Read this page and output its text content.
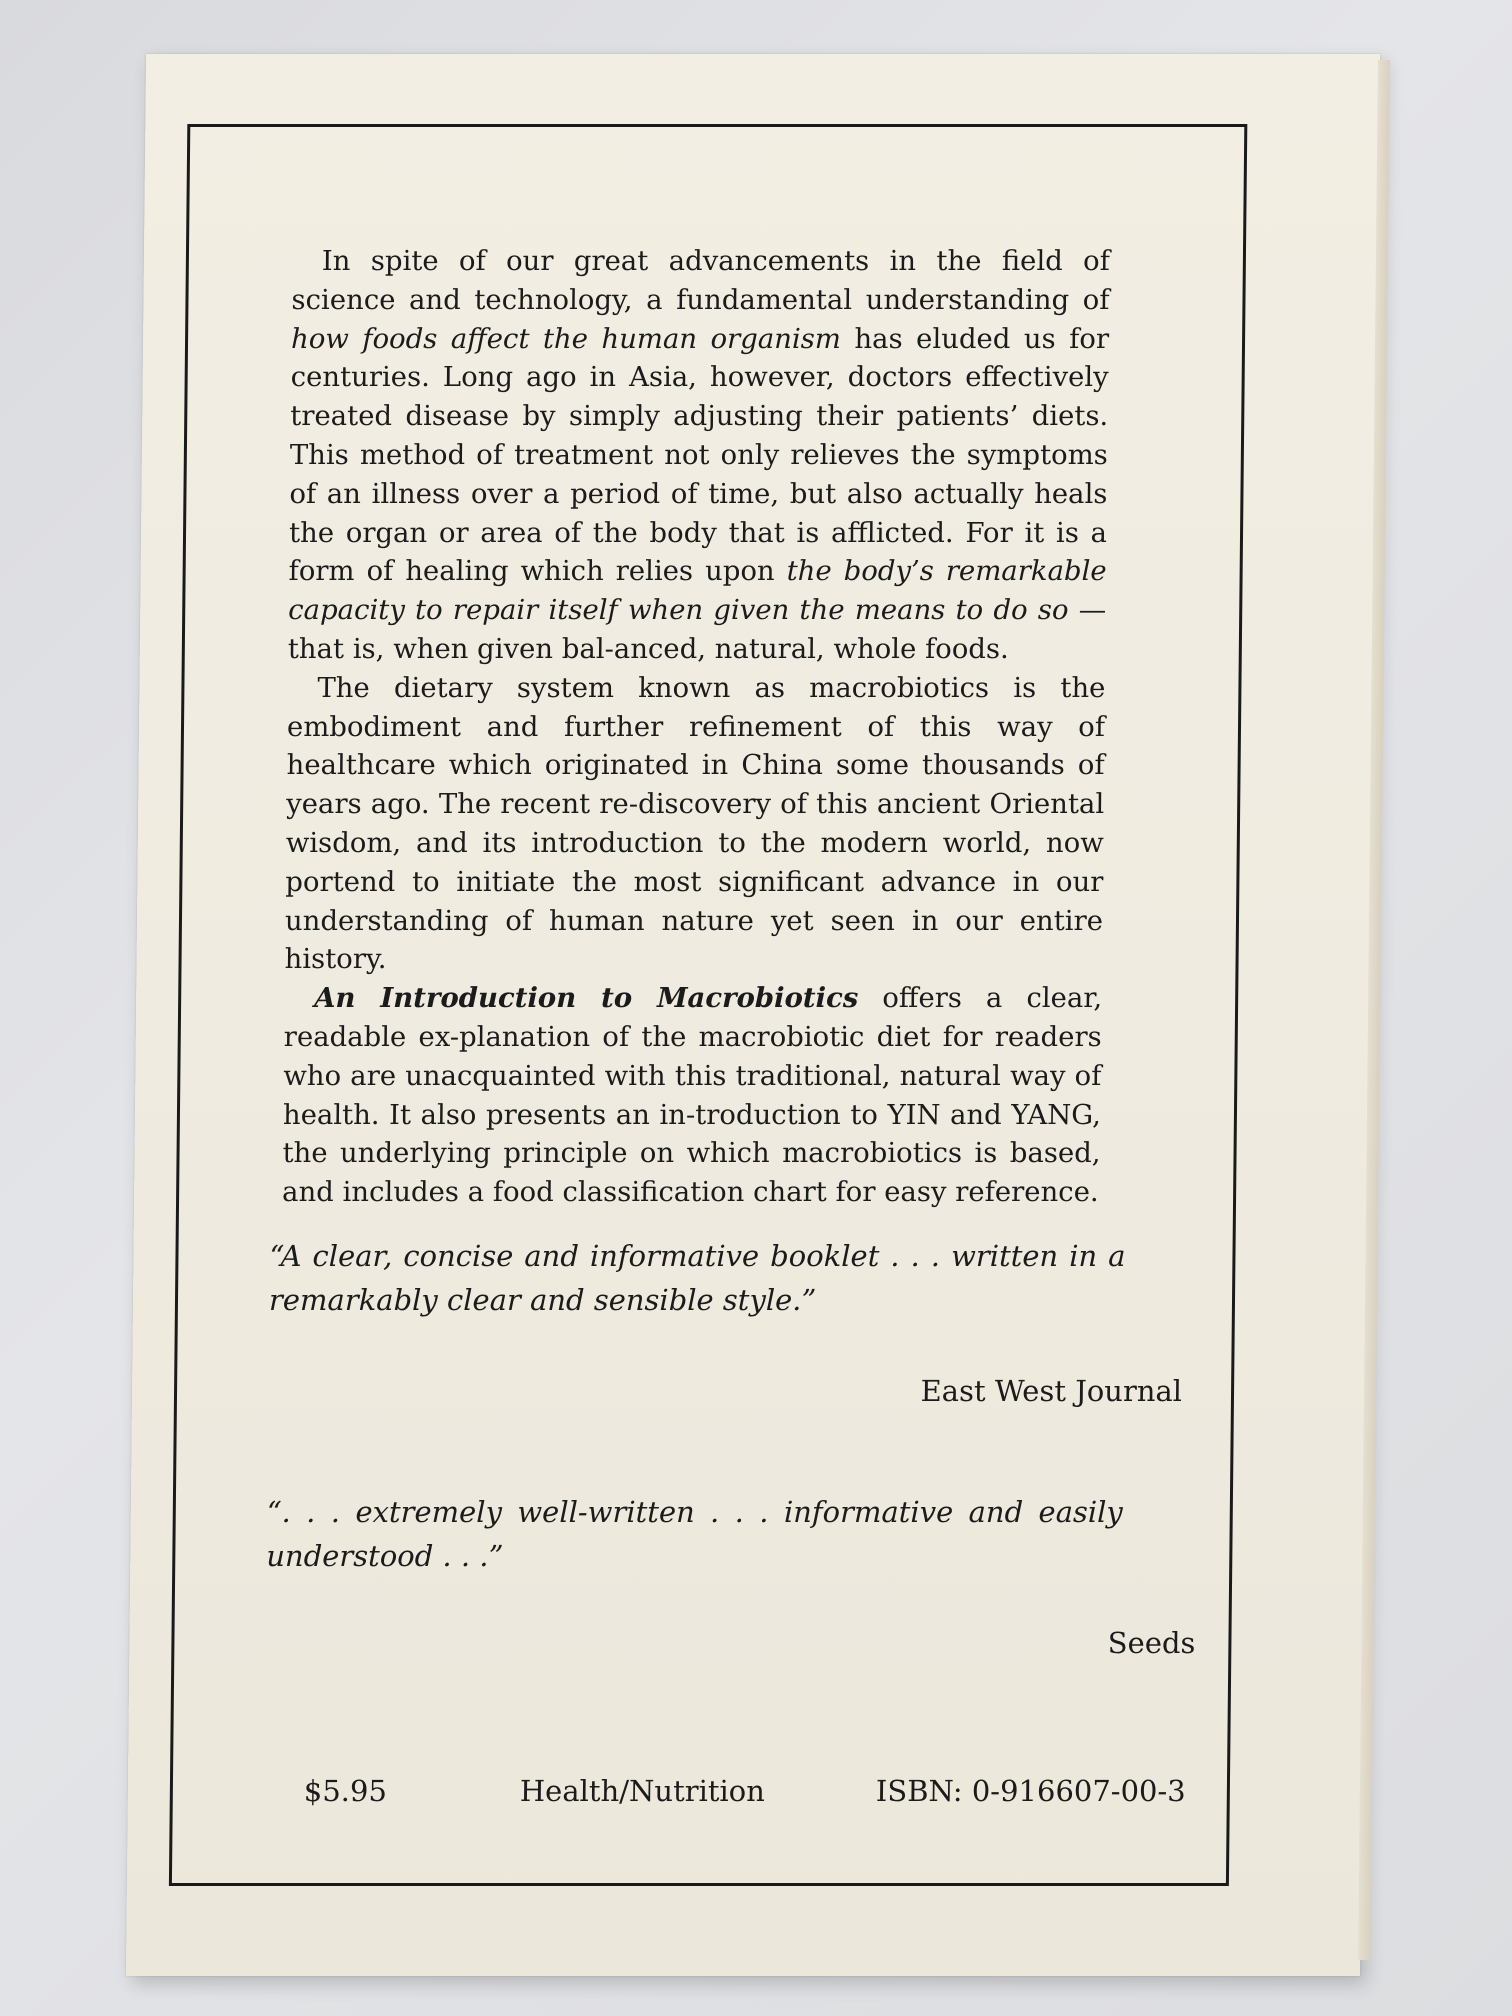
In spite of our great advancements in the field of science and technology, a fundamental understanding of how foods affect the human organism has eluded us for centuries. Long ago in Asia, however, doctors effectively treated disease by simply adjusting their patients’ diets. This method of treatment not only relieves the symptoms of an illness over a period of time, but also actually heals the organ or area of the body that is afflicted. For it is a form of healing which relies upon the body’s remarkable capacity to repair itself when given the means to do so — that is, when given bal-anced, natural, whole foods.

The dietary system known as macrobiotics is the embodiment and further refinement of this way of healthcare which originated in China some thousands of years ago. The recent re-discovery of this ancient Oriental wisdom, and its introduction to the modern world, now portend to initiate the most significant advance in our understanding of human nature yet seen in our entire history.

An Introduction to Macrobiotics offers a clear, readable ex-planation of the macrobiotic diet for readers who are unacquainted with this traditional, natural way of health. It also presents an in-troduction to YIN and YANG, the underlying principle on which macrobiotics is based, and includes a food classification chart for easy reference.

“A clear, concise and informative booklet . . . written in a remarkably clear and sensible style.”
East West Journal
“. . . extremely well-written . . . informative and easily understood . . .”
Seeds
$5.95	Health/Nutrition	ISBN: 0-916607-00-3
